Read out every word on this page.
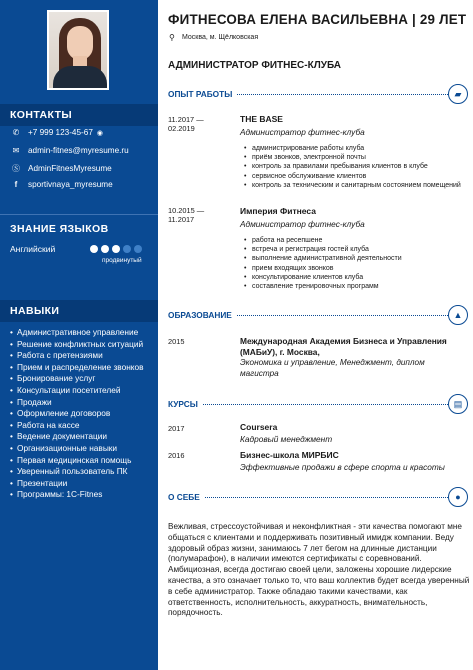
КОНТАКТЫ
✆	+7 999 123-45-67 ◉
✉	admin-fitnes@myresume.ru
Ⓢ AdminFitnesMyresume
f	sportivnaya_myresume
ЗНАНИЕ ЯЗЫКОВ
Английский
продвинутый
НАВЫКИ
• Административное управление
• Решение конфликтных ситуаций
• Работа с претензиями
• Прием и распределение звонков
• Бронирование услуг
• Консультации посетителей
• Продажи
• Оформление договоров
• Работа на кассе
• Ведение документации
• Организационные навыки
• Первая медицинская помощь
• Уверенный пользователь ПК
• Презентации
• Программы: 1С-Fitnes
ФИТНЕСОВА ЕЛЕНА ВАСИЛЬЕВНА | 29 ЛЕТ
⚲ Москва, м. Щёлковская
АДМИНИСТРАТОР ФИТНЕС-КЛУБА
ОПЫТ РАБОТЫ	▰
11.2017 —
02.2019
THE BASE
Администратор фитнес-клуба
• администрирование работы клуба
• приём звонков, электронной почты
• контроль за правилами пребывания клиентов в клубе
• сервисное обслуживание клиентов
• контроль за техническим и санитарным состоянием помещений
10.2015 —
11.2017
Империя Фитнеса
Администратор фитнес-клуба
• работа на ресепшене
• встреча и регистрация гостей клуба
• выполнение административной деятельности
• прием входящих звонков
• консультирование клиентов клуба
• составление тренировочных программ
ОБРАЗОВАНИЕ	▲
2015	Международная Академия Бизнеса и Управления (МАБиУ), г. Москва,
Экономика и управление, Менеджмент, диплом магистра
КУРСЫ	▤
2017	Coursera
Кадровый менеджмент
2016	Бизнес-школа МИРБИС
Эффективные продажи в сфере спорта и красоты
О СЕБЕ	●
Вежливая, стрессоустойчивая и неконфликтная - эти качества помогают мне общаться с клиентами и поддерживать позитивный имидж компании. Веду здоровый образ жизни, занимаюсь 7 лет бегом на длинные дистанции (полумарафон), в наличии имеются сертификаты с соревнований. Амбициозная, всегда достигаю своей цели, заложены хорошие лидерские качества, а это означает только то, что ваш коллектив будет всегда уверенный в себе администратор. Также обладаю такими качествами, как ответственность, исполнительность, аккуратность, внимательность, порядочность.
